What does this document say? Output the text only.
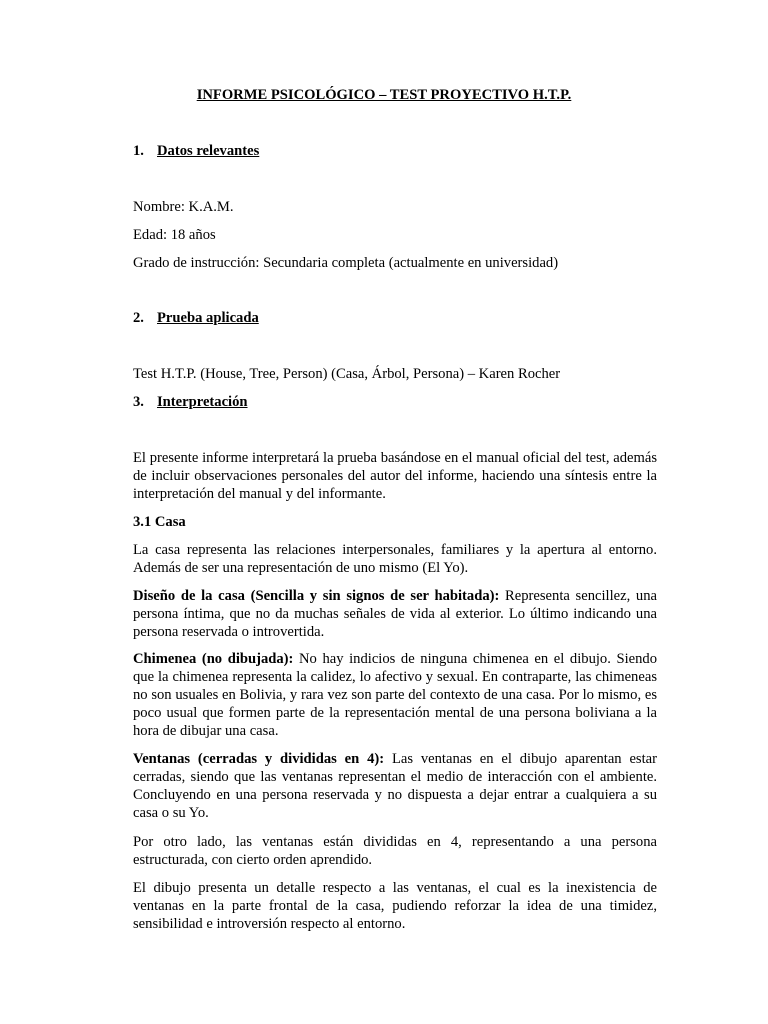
INFORME PSICOLÓGICO – TEST PROYECTIVO H.T.P.
1. Datos relevantes
Nombre: K.A.M.
Edad: 18 años
Grado de instrucción: Secundaria completa (actualmente en universidad)
2. Prueba aplicada
Test H.T.P. (House, Tree, Person) (Casa, Árbol, Persona) – Karen Rocher
3. Interpretación
El presente informe interpretará la prueba basándose en el manual oficial del test, además de incluir observaciones personales del autor del informe, haciendo una síntesis entre la interpretación del manual y del informante.
3.1 Casa
La casa representa las relaciones interpersonales, familiares y la apertura al entorno. Además de ser una representación de uno mismo (El Yo).
Diseño de la casa (Sencilla y sin signos de ser habitada): Representa sencillez, una persona íntima, que no da muchas señales de vida al exterior. Lo último indicando una persona reservada o introvertida.
Chimenea (no dibujada): No hay indicios de ninguna chimenea en el dibujo. Siendo que la chimenea representa la calidez, lo afectivo y sexual. En contraparte, las chimeneas no son usuales en Bolivia, y rara vez son parte del contexto de una casa. Por lo mismo, es poco usual que formen parte de la representación mental de una persona boliviana a la hora de dibujar una casa.
Ventanas (cerradas y divididas en 4): Las ventanas en el dibujo aparentan estar cerradas, siendo que las ventanas representan el medio de interacción con el ambiente. Concluyendo en una persona reservada y no dispuesta a dejar entrar a cualquiera a su casa o su Yo.
Por otro lado, las ventanas están divididas en 4, representando a una persona estructurada, con cierto orden aprendido.
El dibujo presenta un detalle respecto a las ventanas, el cual es la inexistencia de ventanas en la parte frontal de la casa, pudiendo reforzar la idea de una timidez, sensibilidad e introversión respecto al entorno.
